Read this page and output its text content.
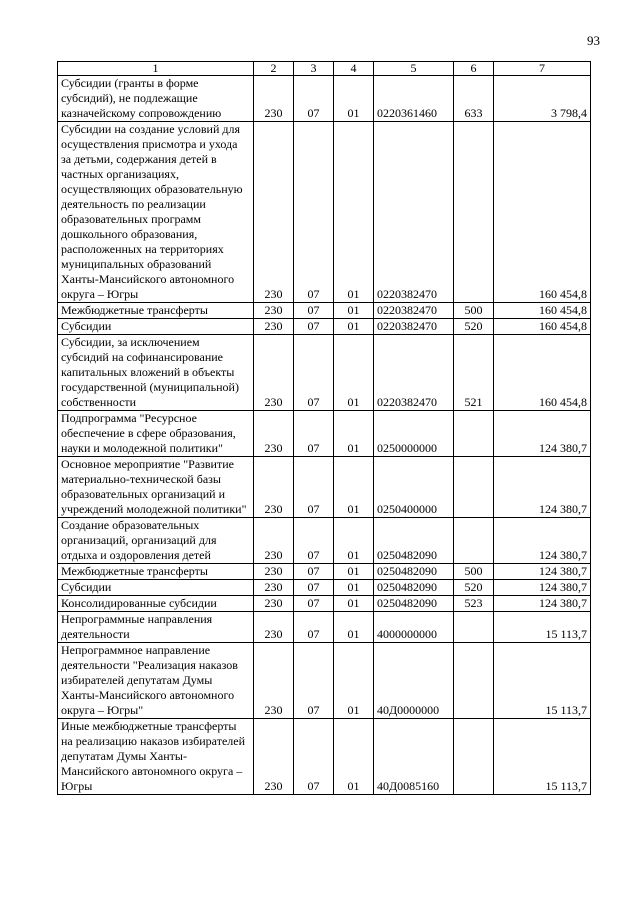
93
1	2	3	4	5	6	7
Субсидии (гранты в форме субсидий), не подлежащие казначейскому сопровождению	230	07	01	0220361460	633	3 798,4
Субсидии на создание условий для осуществления присмотра и ухода за детьми, содержания детей в частных организациях, осуществляющих образовательную деятельность по реализации образовательных программ дошкольного образования, расположенных на территориях муниципальных образований Ханты-Мансийского автономного округа – Югры	230	07	01	0220382470		160 454,8
Межбюджетные трансферты	230	07	01	0220382470	500	160 454,8
Субсидии	230	07	01	0220382470	520	160 454,8
Субсидии, за исключением субсидий на софинансирование капитальных вложений в объекты государственной (муниципальной) собственности	230	07	01	0220382470	521	160 454,8
Подпрограмма "Ресурсное обеспечение в сфере образования, науки и молодежной политики"	230	07	01	0250000000		124 380,7
Основное мероприятие "Развитие материально-технической базы образовательных организаций и учреждений молодежной политики"	230	07	01	0250400000		124 380,7
Создание образовательных организаций, организаций для отдыха и оздоровления детей	230	07	01	0250482090		124 380,7
Межбюджетные трансферты	230	07	01	0250482090	500	124 380,7
Субсидии	230	07	01	0250482090	520	124 380,7
Консолидированные субсидии	230	07	01	0250482090	523	124 380,7
Непрограммные направления деятельности	230	07	01	4000000000		15 113,7
Непрограммное направление деятельности "Реализация наказов избирателей депутатам Думы Ханты-Мансийского автономного округа – Югры"	230	07	01	40Д0000000		15 113,7
Иные межбюджетные трансферты на реализацию наказов избирателей депутатам Думы Ханты-Мансийского автономного округа – Югры	230	07	01	40Д0085160		15 113,7
